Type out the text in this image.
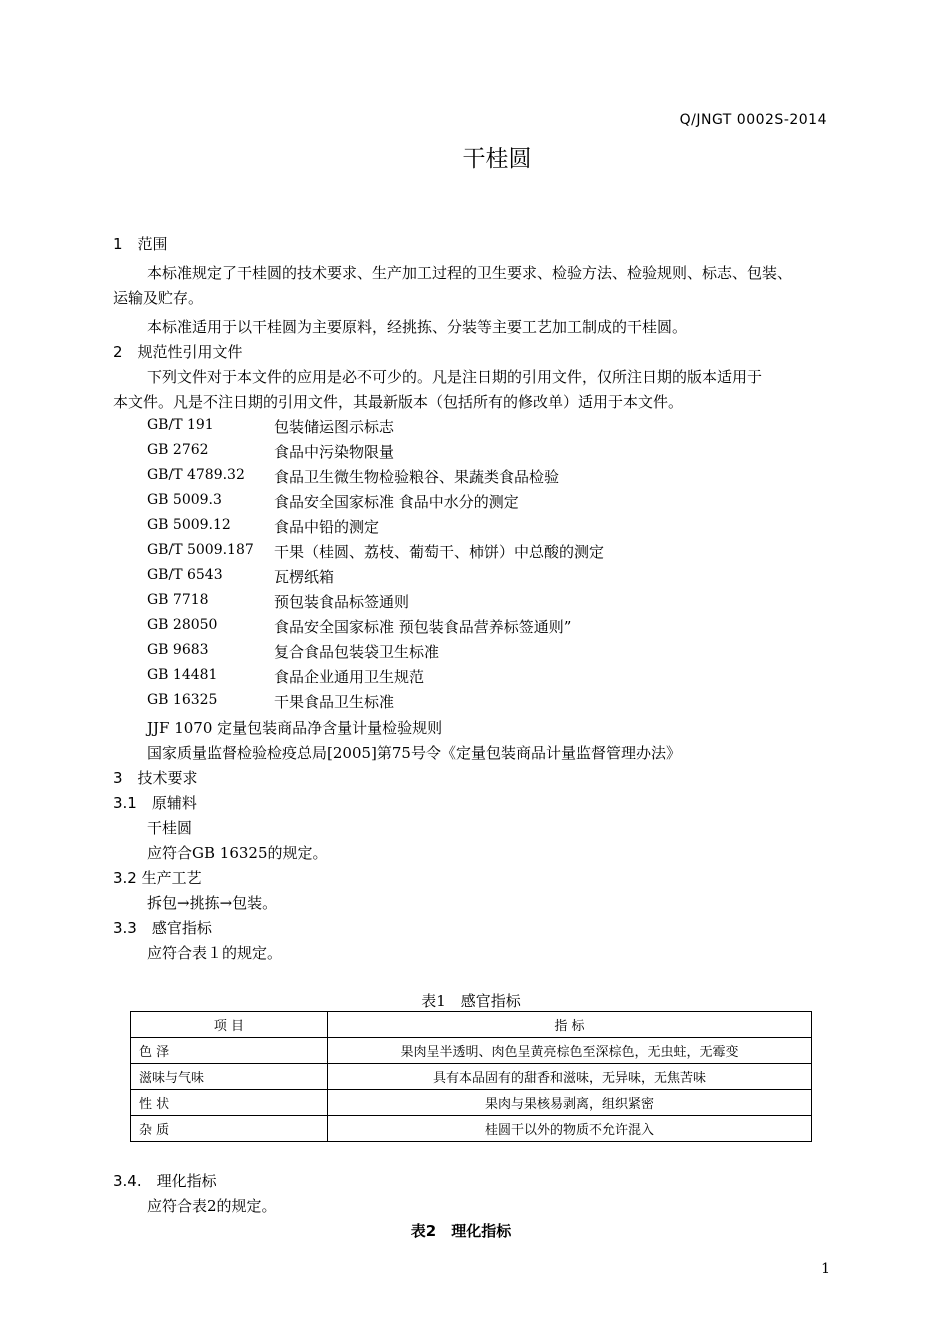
Q/JNGT 0002S-2014
干桂圆
1　范围
本标准规定了干桂圆的技术要求、生产加工过程的卫生要求、检验方法、检验规则、标志、包装、
运输及贮存。
本标准适用于以干桂圆为主要原料，经挑拣、分装等主要工艺加工制成的干桂圆。
2　规范性引用文件
下列文件对于本文件的应用是必不可少的。凡是注日期的引用文件，仅所注日期的版本适用于
本文件。凡是不注日期的引用文件，其最新版本（包括所有的修改单）适用于本文件。
GB/T 191	包装储运图示标志
GB 2762	食品中污染物限量
GB/T 4789.32 食品卫生微生物检验粮谷、果蔬类食品检验
GB 5009.3	食品安全国家标准 食品中水分的测定
GB 5009.12	食品中铅的测定
GB/T 5009.187 干果（桂圆、荔枝、葡萄干、柿饼）中总酸的测定
GB/T 6543	瓦楞纸箱
GB 7718	预包装食品标签通则
GB 28050	食品安全国家标准 预包装食品营养标签通则”
GB 9683	复合食品包装袋卫生标准
GB 14481	食品企业通用卫生规范
GB 16325	干果食品卫生标准
JJF 1070 定量包装商品净含量计量检验规则
国家质量监督检验检疫总局[2005]第75号令《定量包装商品计量监督管理办法》
3　技术要求
3.1　原辅料
干桂圆
应符合GB 16325的规定。
3.2 生产工艺
拆包→挑拣→包装。
3.3　感官指标
应符合表１的规定。
表1　感官指标
项 目	指 标
色 泽	果肉呈半透明、肉色呈黄亮棕色至深棕色，无虫蛀，无霉变
滋味与气味	具有本品固有的甜香和滋味，无异味，无焦苦味
性 状	果肉与果核易剥离，组织紧密
杂 质	桂圆干以外的物质不允许混入
3.4.　理化指标
应符合表2的规定。
表2　理化指标
1
